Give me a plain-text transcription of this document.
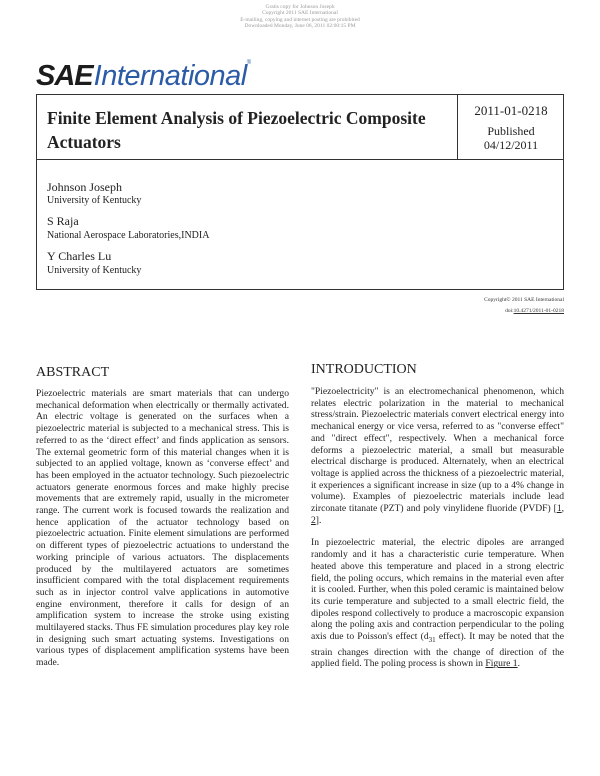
Gratis copy for Johnson Joseph
Copyright 2011 SAE International
E-mailing, copying and internet posting are prohibited
Downloaded Monday, June 06, 2011 02:00:15 PM
SAEInternational®
Finite Element Analysis of Piezoelectric Composite Actuators
2011-01-0218
Published
04/12/2011
Johnson Joseph
University of Kentucky
S Raja
National Aerospace Laboratories,INDIA
Y Charles Lu
University of Kentucky
Copyright© 2011 SAE International
doi:10.4271/2011-01-0218
ABSTRACT

Piezoelectric materials are smart materials that can undergo mechanical deformation when electrically or thermally activated. An electric voltage is generated on the surfaces when a piezoelectric material is subjected to a mechanical stress. This is referred to as the ‘direct effect’ and finds application as sensors. The external geometric form of this material changes when it is subjected to an applied voltage, known as ‘converse effect’ and has been employed in the actuator technology. Such piezoelectric actuators generate enormous forces and make highly precise movements that are extremely rapid, usually in the micrometer range. The current work is focused towards the realization and hence application of the actuator technology based on piezoelectric actuation. Finite element simulations are performed on different types of piezoelectric actuations to understand the working principle of various actuators. The displacements produced by the multilayered actuators are sometimes insufficient compared with the total displacement requirements such as in injector control valve applications in automotive engine environment, therefore it calls for design of an amplification system to increase the stroke using existing multilayered stacks. Thus FE simulation procedures play key role in designing such smart actuating systems. Investigations on various types of displacement amplification systems have been made.

INTRODUCTION

"Piezoelectricity" is an electromechanical phenomenon, which relates electric polarization in the material to mechanical stress/strain. Piezoelectric materials convert electrical energy into mechanical energy or vice versa, referred to as "converse effect" and "direct effect", respectively. When a mechanical force deforms a piezoelectric material, a small but measurable electrical discharge is produced. Alternately, when an electrical voltage is applied across the thickness of a piezoelectric material, it experiences a significant increase in size (up to a 4% change in volume). Examples of piezoelectric materials include lead zirconate titanate (PZT) and poly vinylidene fluoride (PVDF) [1, 2].

In piezoelectric material, the electric dipoles are arranged randomly and it has a characteristic curie temperature. When heated above this temperature and placed in a strong electric field, the poling occurs, which remains in the material even after it is cooled. Further, when this poled ceramic is maintained below its curie temperature and subjected to a small electric field, the dipoles respond collectively to produce a macroscopic expansion along the poling axis and contraction perpendicular to the poling axis due to Poisson's effect ($d_{31}$ effect). It may be noted that the strain changes direction with the change of direction of the applied field. The poling process is shown in Figure 1.
